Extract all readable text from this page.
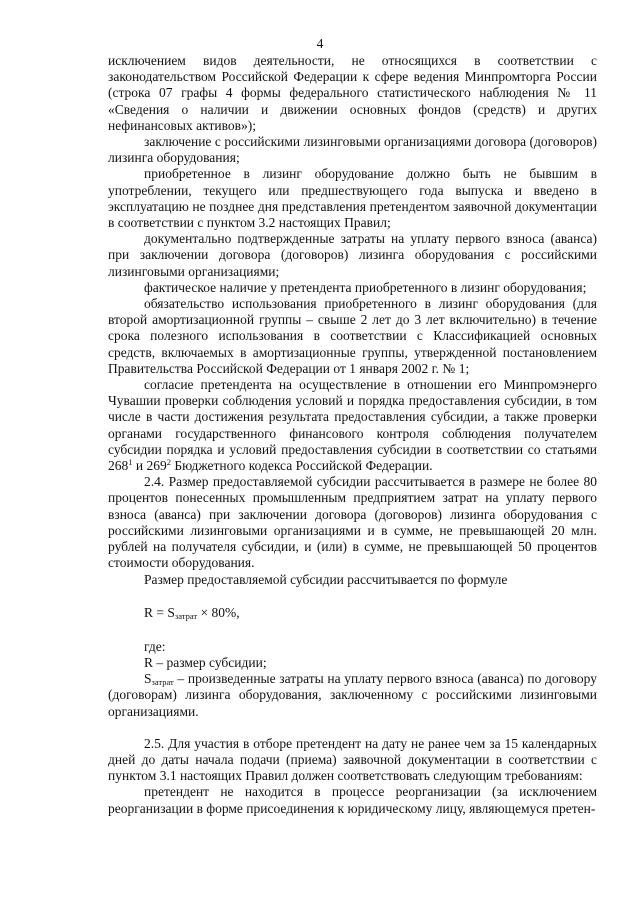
4

исключением видов деятельности, не относящихся в соответствии с законодательством Российской Федерации к сфере ведения Минпромторга России (строка 07 графы 4 формы федерального статистического наблюдения № 11 «Сведения о наличии и движении основных фондов (средств) и других нефинансовых активов»);

заключение с российскими лизинговыми организациями договора (договоров) лизинга оборудования;

приобретенное в лизинг оборудование должно быть не бывшим в употреблении, текущего или предшествующего года выпуска и введено в эксплуатацию не позднее дня представления претендентом заявочной документации в соответствии с пунктом 3.2 настоящих Правил;

документально подтвержденные затраты на уплату первого взноса (аванса) при заключении договора (договоров) лизинга оборудования с российскими лизинговыми организациями;

фактическое наличие у претендента приобретенного в лизинг оборудования;

обязательство использования приобретенного в лизинг оборудования (для второй амортизационной группы – свыше 2 лет до 3 лет включительно) в течение срока полезного использования в соответствии с Классификацией основных средств, включаемых в амортизационные группы, утвержденной постановлением Правительства Российской Федерации от 1 января 2002 г. № 1;

согласие претендента на осуществление в отношении его Минпромэнерго Чувашии проверки соблюдения условий и порядка предоставления субсидии, в том числе в части достижения результата предоставления субсидии, а также проверки органами государственного финансового контроля соблюдения получателем субсидии порядка и условий предоставления субсидии в соответствии со статьями $268^1$ и $269^2$ Бюджетного кодекса Российской Федерации.

2.4. Размер предоставляемой субсидии рассчитывается в размере не более 80 процентов понесенных промышленным предприятием затрат на уплату первого взноса (аванса) при заключении договора (договоров) лизинга оборудования с российскими лизинговыми организациями и в сумме, не превышающей 20 млн. рублей на получателя субсидии, и (или) в сумме, не превышающей 50 процентов стоимости оборудования.

Размер предоставляемой субсидии рассчитывается по формуле

$R = S_{затрат} \times 80\%$,

где:

R – размер субсидии;

$S_{затрат}$ – произведенные затраты на уплату первого взноса (аванса) по договору (договорам) лизинга оборудования, заключенному с российскими лизинговыми организациями.

2.5. Для участия в отборе претендент на дату не ранее чем за 15 календарных дней до даты начала подачи (приема) заявочной документации в соответствии с пунктом 3.1 настоящих Правил должен соответствовать следующим требованиям:

претендент не находится в процессе реорганизации (за исключением реорганизации в форме присоединения к юридическому лицу, являющемуся претен-
